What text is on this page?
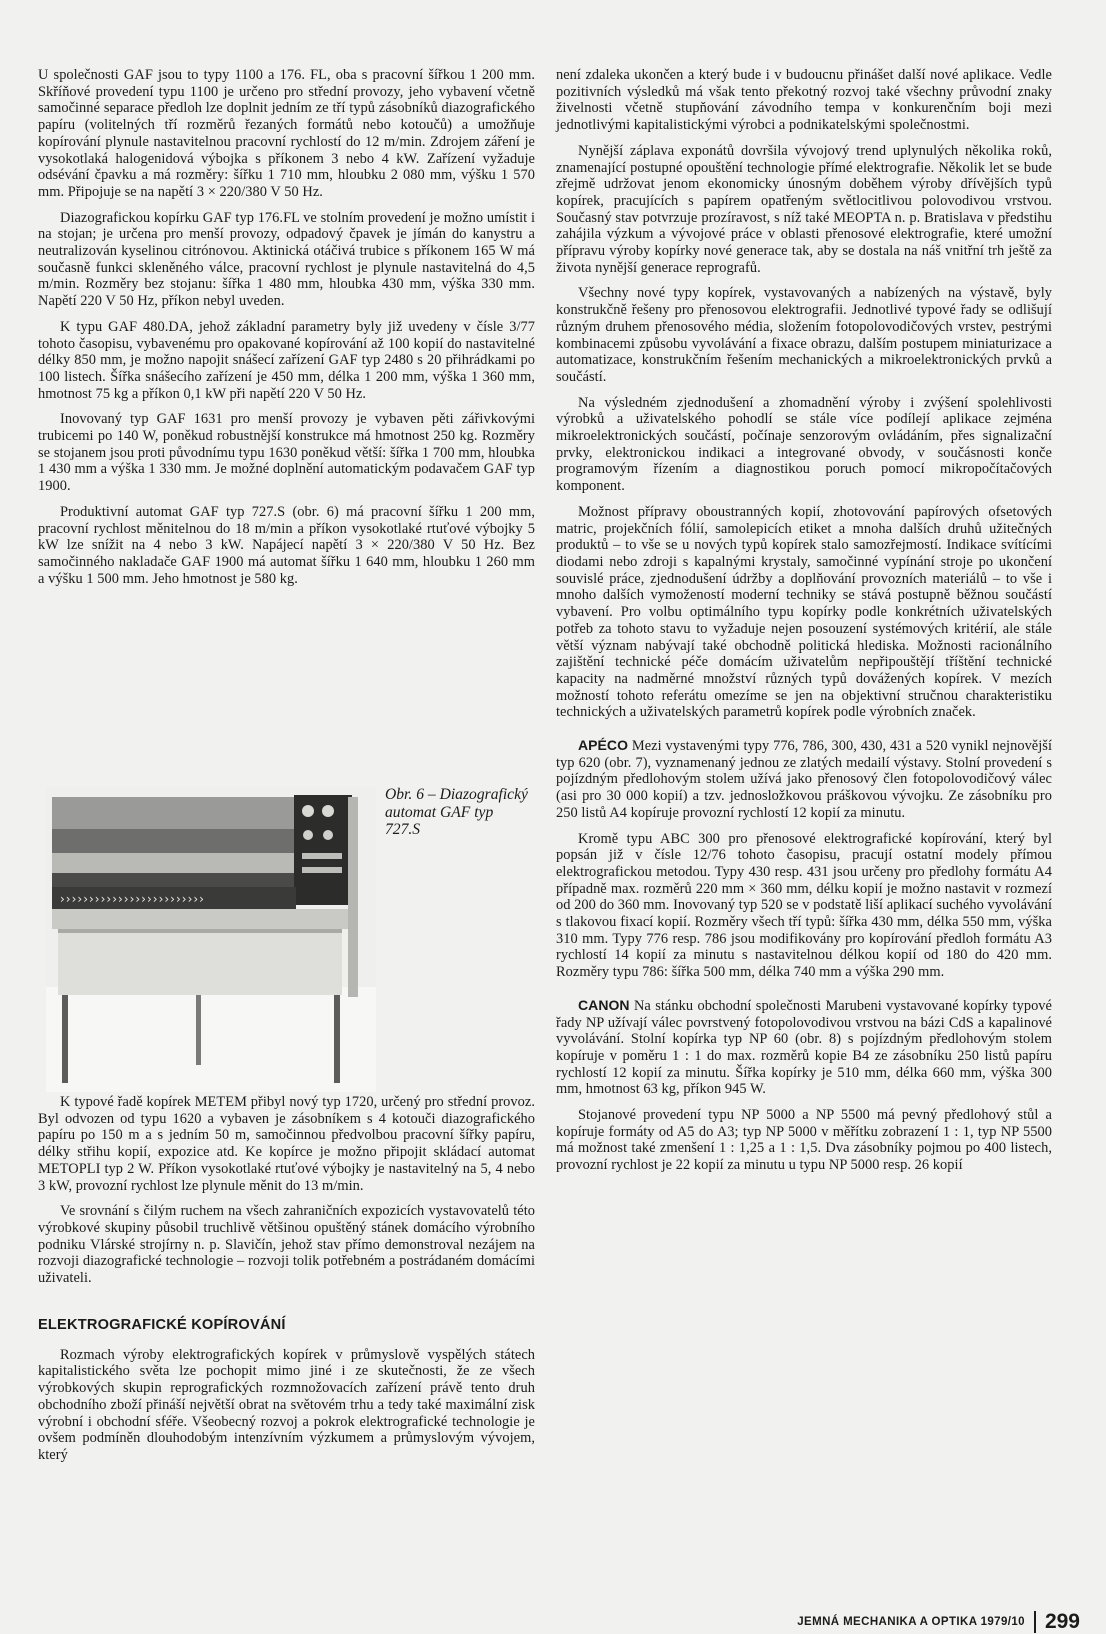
U společnosti GAF jsou to typy 1100 a 176. FL, oba s pracovní šířkou 1 200 mm. Skříňové provedení typu 1100 je určeno pro střední provozy, jeho vybavení včetně samočinné separace předloh lze doplnit jedním ze tří typů zásobníků diazografického papíru (volitelných tří rozměrů řezaných formátů nebo kotoučů) a umožňuje kopírování plynule nastavitelnou pracovní rychlostí do 12 m/min. Zdrojem záření je vysokotlaká halogenidová výbojka s příkonem 3 nebo 4 kW. Zařízení vyžaduje odsévání čpavku a má rozměry: šířku 1 710 mm, hloubku 2 080 mm, výšku 1 570 mm. Připojuje se na napětí 3 × 220/380 V 50 Hz.

Diazografickou kopírku GAF typ 176.FL ve stolním provedení je možno umístit i na stojan; je určena pro menší provozy, odpadový čpavek je jímán do kanystru a neutralizován kyselinou citrónovou. Aktinická otáčivá trubice s příkonem 165 W má současně funkci skleněného válce, pracovní rychlost je plynule nastavitelná do 4,5 m/min. Rozměry bez stojanu: šířka 1 480 mm, hloubka 430 mm, výška 330 mm. Napětí 220 V 50 Hz, příkon nebyl uveden.

K typu GAF 480.DA, jehož základní parametry byly již uvedeny v čísle 3/77 tohoto časopisu, vybavenému pro opakované kopírování až 100 kopií do nastavitelné délky 850 mm, je možno napojit snášecí zařízení GAF typ 2480 s 20 přihrádkami po 100 listech. Šířka snášecího zařízení je 450 mm, délka 1 200 mm, výška 1 360 mm, hmotnost 75 kg a příkon 0,1 kW při napětí 220 V 50 Hz.

Inovovaný typ GAF 1631 pro menší provozy je vybaven pěti zářivkovými trubicemi po 140 W, poněkud robustnější konstrukce má hmotnost 250 kg. Rozměry se stojanem jsou proti původnímu typu 1630 poněkud větší: šířka 1 700 mm, hloubka 1 430 mm a výška 1 330 mm. Je možné doplnění automatickým podavačem GAF typ 1900.

Produktivní automat GAF typ 727.S (obr. 6) má pracovní šířku 1 200 mm, pracovní rychlost měnitelnou do 18 m/min a příkon vysokotlaké rtuťové výbojky 5 kW lze snížit na 4 nebo 3 kW. Napájecí napětí 3 × 220/380 V 50 Hz. Bez samočinného nakladače GAF 1900 má automat šířku 1 640 mm, hloubku 1 260 mm a výšku 1 500 mm. Jeho hmotnost je 580 kg.

›››››››››››››››››››››››››
Obr. 6 – Diazografický automat GAF typ 727.S

K typové řadě kopírek METEM přibyl nový typ 1720, určený pro střední provoz. Byl odvozen od typu 1620 a vybaven je zásobníkem s 4 kotouči diazografického papíru po 150 m a s jedním 50 m, samočinnou předvolbou pracovní šířky papíru, délky střihu kopií, expozice atd. Ke kopírce je možno připojit skládací automat METOPLI typ 2 W. Příkon vysokotlaké rtuťové výbojky je nastavitelný na 5, 4 nebo 3 kW, provozní rychlost lze plynule měnit do 13 m/min.

Ve srovnání s čilým ruchem na všech zahraničních expozicích vystavovatelů této výrobkové skupiny působil truchlivě většinou opuštěný stánek domácího výrobního podniku Vlárské strojírny n. p. Slavičín, jehož stav přímo demonstroval nezájem na rozvoji diazografické technologie – rozvoji tolik potřebném a postrádaném domácími uživateli.

ELEKTROGRAFICKÉ KOPÍROVÁNÍ

Rozmach výroby elektrografických kopírek v průmyslově vyspělých státech kapitalistického světa lze pochopit mimo jiné i ze skutečnosti, že ze všech výrobkových skupin reprografických rozmnožovacích zařízení právě tento druh obchodního zboží přináší největší obrat na světovém trhu a tedy také maximální zisk výrobní i obchodní sféře. Všeobecný rozvoj a pokrok elektrografické technologie je ovšem podmíněn dlouhodobým intenzívním výzkumem a průmyslovým vývojem, který

není zdaleka ukončen a který bude i v budoucnu přinášet další nové aplikace. Vedle pozitivních výsledků má však tento překotný rozvoj také všechny průvodní znaky živelnosti včetně stupňování závodního tempa v konkurenčním boji mezi jednotlivými kapitalistickými výrobci a podnikatelskými společnostmi.

Nynější záplava exponátů dovršila vývojový trend uplynulých několika roků, znamenající postupné opouštění technologie přímé elektrografie. Několik let se bude zřejmě udržovat jenom ekonomicky únosným doběhem výroby dřívějších typů kopírek, pracujících s papírem opatřeným světlocitlivou polovodivou vrstvou. Současný stav potvrzuje prozíravost, s níž také MEOPTA n. p. Bratislava v předstihu zahájila výzkum a vývojové práce v oblasti přenosové elektrografie, které umožní přípravu výroby kopírky nové generace tak, aby se dostala na náš vnitřní trh ještě za života nynější generace reprografů.

Všechny nové typy kopírek, vystavovaných a nabízených na výstavě, byly konstrukčně řešeny pro přenosovou elektrografii. Jednotlivé typové řady se odlišují různým druhem přenosového média, složením fotopolovodičových vrstev, pestrými kombinacemi způsobu vyvolávání a fixace obrazu, dalším postupem miniaturizace a automatizace, konstrukčním řešením mechanických a mikroelektronických prvků a součástí.

Na výsledném zjednodušení a zhomadnění výroby i zvýšení spolehlivosti výrobků a uživatelského pohodlí se stále více podílejí aplikace zejména mikroelektronických součástí, počínaje senzorovým ovládáním, přes signalizační prvky, elektronickou indikaci a integrované obvody, v součásnosti konče programovým řízením a diagnostikou poruch pomocí mikropočítačových komponent.

Možnost přípravy oboustranných kopií, zhotovování papírových ofsetových matric, projekčních fólií, samolepicích etiket a mnoha dalších druhů užitečných produktů – to vše se u nových typů kopírek stalo samozřejmostí. Indikace svítícími diodami nebo zdroji s kapalnými krystaly, samočinné vypínání stroje po ukončení souvislé práce, zjednodušení údržby a doplňování provozních materiálů – to vše i mnoho dalších vymožeností moderní techniky se stává postupně běžnou součástí vybavení. Pro volbu optimálního typu kopírky podle konkrétních uživatelských potřeb za tohoto stavu to vyžaduje nejen posouzení systémových kritérií, ale stále větší význam nabývají také obchodně politická hlediska. Možnosti racionálního zajištění technické péče domácím uživatelům nepřipouštějí tříštění technické kapacity na nadměrné množství různých typů dovážených kopírek. V mezích možností tohoto referátu omezíme se jen na objektivní stručnou charakteristiku technických a uživatelských parametrů kopírek podle výrobních značek.

APÉCO Mezi vystavenými typy 776, 786, 300, 430, 431 a 520 vynikl nejnovější typ 620 (obr. 7), vyznamenaný jednou ze zlatých medailí výstavy. Stolní provedení s pojízdným předlohovým stolem užívá jako přenosový člen fotopolovodičový válec (asi pro 30 000 kopií) a tzv. jednosložkovou práškovou vývojku. Ze zásobníku pro 250 listů A4 kopíruje provozní rychlostí 12 kopií za minutu.

Kromě typu ABC 300 pro přenosové elektrografické kopírování, který byl popsán již v čísle 12/76 tohoto časopisu, pracují ostatní modely přímou elektrografickou metodou. Typy 430 resp. 431 jsou určeny pro předlohy formátu A4 případně max. rozměrů 220 mm × 360 mm, délku kopií je možno nastavit v rozmezí od 200 do 360 mm. Inovovaný typ 520 se v podstatě liší aplikací suchého vyvolávání s tlakovou fixací kopií. Rozměry všech tří typů: šířka 430 mm, délka 550 mm, výška 310 mm. Typy 776 resp. 786 jsou modifikovány pro kopírování předloh formátu A3 rychlostí 14 kopií za minutu s nastavitelnou délkou kopií od 180 do 420 mm. Rozměry typu 786: šířka 500 mm, délka 740 mm a výška 290 mm.

CANON Na stánku obchodní společnosti Marubeni vystavované kopírky typové řady NP užívají válec povrstvený fotopolovodivou vrstvou na bázi CdS a kapalinové vyvolávání. Stolní kopírka typ NP 60 (obr. 8) s pojízdným předlohovým stolem kopíruje v poměru 1 : 1 do max. rozměrů kopie B4 ze zásobníku 250 listů papíru rychlostí 12 kopií za minutu. Šířka kopírky je 510 mm, délka 660 mm, výška 300 mm, hmotnost 63 kg, příkon 945 W.

Stojanové provedení typu NP 5000 a NP 5500 má pevný předlohový stůl a kopíruje formáty od A5 do A3; typ NP 5000 v měřítku zobrazení 1 : 1, typ NP 5500 má možnost také zmenšení 1 : 1,25 a 1 : 1,5. Dva zásobníky pojmou po 400 listech, provozní rychlost je 22 kopií za minutu u typu NP 5000 resp. 26 kopií

JEMNÁ MECHANIKA A OPTIKA 1979/10 299
